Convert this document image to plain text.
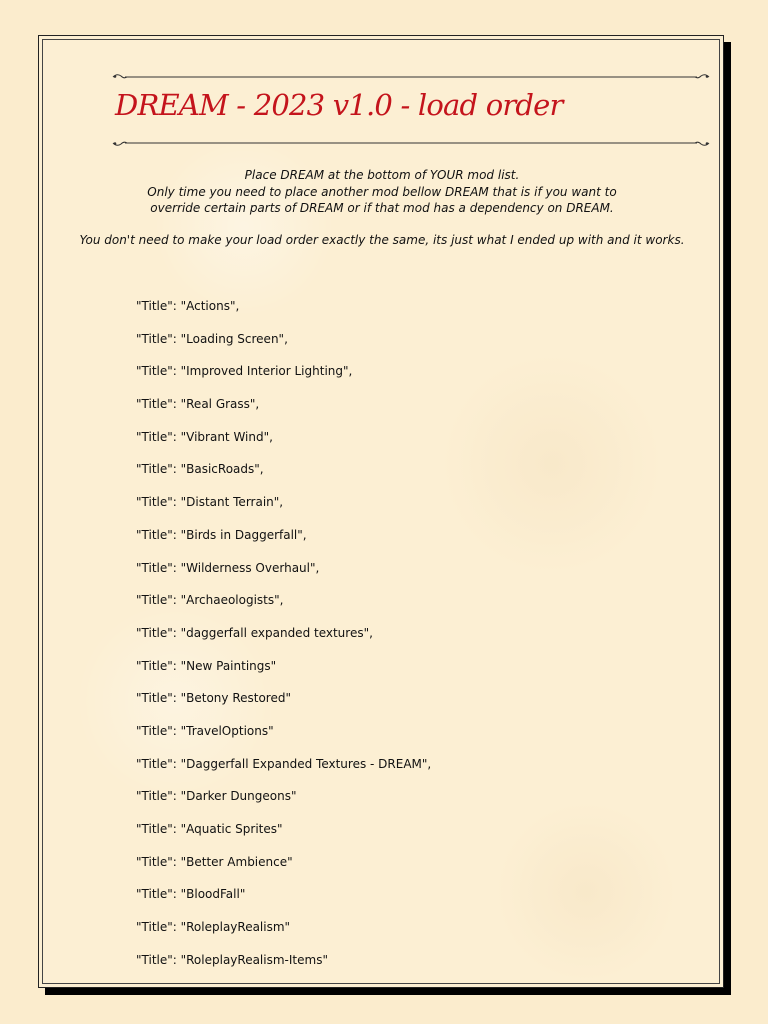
DREAM - 2023 v1.0 - load order

Place DREAM at the bottom of YOUR mod list.

Only time you need to place another mod bellow DREAM that is if you want to

override certain parts of DREAM or if that mod has a dependency on DREAM.

You don't need to make your load order exactly the same, its just what I ended up with and it works.

"Title": "Actions",
"Title": "Loading Screen",
"Title": "Improved Interior Lighting",
"Title": "Real Grass",
"Title": "Vibrant Wind",
"Title": "BasicRoads",
"Title": "Distant Terrain",
"Title": "Birds in Daggerfall",
"Title": "Wilderness Overhaul",
"Title": "Archaeologists",
"Title": "daggerfall expanded textures",
"Title": "New Paintings"
"Title": "Betony Restored"
"Title": "TravelOptions"
"Title": "Daggerfall Expanded Textures - DREAM",
"Title": "Darker Dungeons"
"Title": "Aquatic Sprites"
"Title": "Better Ambience"
"Title": "BloodFall"
"Title": "RoleplayRealism"
"Title": "RoleplayRealism-Items"
